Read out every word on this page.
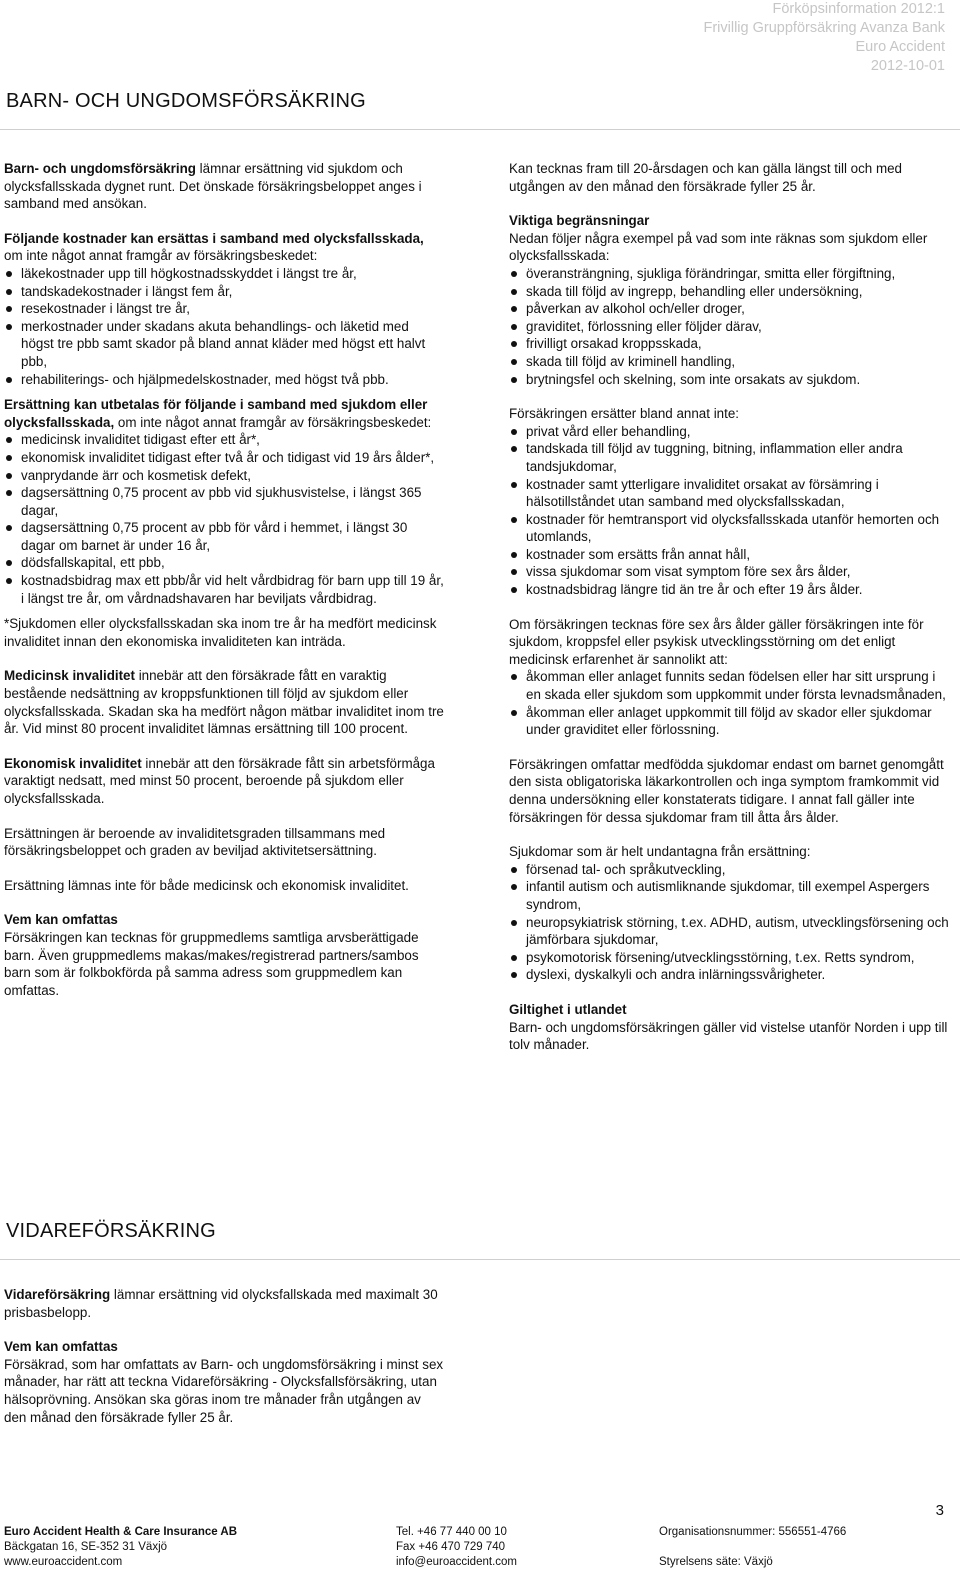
Förköpsinformation 2012:1
Frivillig Gruppförsäkring Avanza Bank
Euro Accident
2012-10-01
BARN- OCH UNGDOMSFÖRSÄKRING

Barn- och ungdomsförsäkring lämnar ersättning vid sjukdom och olycksfallsskada dygnet runt. Det önskade försäkringsbeloppet anges i samband med ansökan.

Följande kostnader kan ersättas i samband med olycksfallsskada, om inte något annat framgår av försäkringsbeskedet:

läkekostnader upp till högkostnadsskyddet i längst tre år,
tandskadekostnader i längst fem år,
resekostnader i längst tre år,
merkostnader under skadans akuta behandlings- och läketid med högst tre pbb samt skador på bland annat kläder med högst ett halvt pbb,
rehabiliterings- och hjälpmedelskostnader, med högst två pbb.

Ersättning kan utbetalas för följande i samband med sjukdom eller olycksfallsskada, om inte något annat framgår av försäkringsbeskedet:

medicinsk invaliditet tidigast efter ett år*,
ekonomisk invaliditet tidigast efter två år och tidigast vid 19 års ålder*,
vanprydande ärr och kosmetisk defekt,
dagsersättning 0,75 procent av pbb vid sjukhusvistelse, i längst 365 dagar,
dagsersättning 0,75 procent av pbb för vård i hemmet, i längst 30 dagar om barnet är under 16 år,
dödsfallskapital, ett pbb,
kostnadsbidrag max ett pbb/år vid helt vårdbidrag för barn upp till 19 år, i längst tre år, om vårdnadshavaren har beviljats vårdbidrag.

*Sjukdomen eller olycksfallsskadan ska inom tre år ha medfört medicinsk invaliditet innan den ekonomiska invaliditeten kan inträda.

Medicinsk invaliditet innebär att den försäkrade fått en varaktig bestående nedsättning av kroppsfunktionen till följd av sjukdom eller olycksfallsskada. Skadan ska ha medfört någon mätbar invaliditet inom tre år. Vid minst 80 procent invaliditet lämnas ersättning till 100 procent.

Ekonomisk invaliditet innebär att den försäkrade fått sin arbetsförmåga varaktigt nedsatt, med minst 50 procent, beroende på sjukdom eller olycksfallsskada.

Ersättningen är beroende av invaliditetsgraden tillsammans med försäkringsbeloppet och graden av beviljad aktivitetsersättning.

Ersättning lämnas inte för både medicinsk och ekonomisk invaliditet.

Vem kan omfattas

Försäkringen kan tecknas för gruppmedlems samtliga arvsberättigade barn. Även gruppmedlems makas/makes/registrerad partners/sambos barn som är folkbokförda på samma adress som gruppmedlem kan omfattas.

Kan tecknas fram till 20-årsdagen och kan gälla längst till och med utgången av den månad den försäkrade fyller 25 år.

Viktiga begränsningar

Nedan följer några exempel på vad som inte räknas som sjukdom eller olycksfallsskada:

överansträngning, sjukliga förändringar, smitta eller förgiftning,
skada till följd av ingrepp, behandling eller undersökning,
påverkan av alkohol och/eller droger,
graviditet, förlossning eller följder därav,
frivilligt orsakad kroppsskada,
skada till följd av kriminell handling,
brytningsfel och skelning, som inte orsakats av sjukdom.

Försäkringen ersätter bland annat inte:

privat vård eller behandling,
tandskada till följd av tuggning, bitning, inflammation eller andra tandsjukdomar,
kostnader samt ytterligare invaliditet orsakat av försämring i hälsotillståndet utan samband med olycksfallsskadan,
kostnader för hemtransport vid olycksfallsskada utanför hemorten och utomlands,
kostnader som ersätts från annat håll,
vissa sjukdomar som visat symptom före sex års ålder,
kostnadsbidrag längre tid än tre år och efter 19 års ålder.

Om försäkringen tecknas före sex års ålder gäller försäkringen inte för sjukdom, kroppsfel eller psykisk utvecklingsstörning om det enligt medicinsk erfarenhet är sannolikt att:

åkomman eller anlaget funnits sedan födelsen eller har sitt ursprung i en skada eller sjukdom som uppkommit under första levnadsmånaden,
åkomman eller anlaget uppkommit till följd av skador eller sjukdomar under graviditet eller förlossning.

Försäkringen omfattar medfödda sjukdomar endast om barnet genomgått den sista obligatoriska läkarkontrollen och inga symptom framkommit vid denna undersökning eller konstaterats tidigare. I annat fall gäller inte försäkringen för dessa sjukdomar fram till åtta års ålder.

Sjukdomar som är helt undantagna från ersättning:

försenad tal- och språkutveckling,
infantil autism och autismliknande sjukdomar, till exempel Aspergers syndrom,
neuropsykiatrisk störning, t.ex. ADHD, autism, utvecklingsförsening och jämförbara sjukdomar,
psykomotorisk försening/utvecklingsstörning, t.ex. Retts syndrom,
dyslexi, dyskalkyli och andra inlärningssvårigheter.

Giltighet i utlandet

Barn- och ungdomsförsäkringen gäller vid vistelse utanför Norden i upp till tolv månader.

VIDAREFÖRSÄKRING

Vidareförsäkring lämnar ersättning vid olycksfallskada med maximalt 30 prisbasbelopp.

Vem kan omfattas

Försäkrad, som har omfattats av Barn- och ungdomsförsäkring i minst sex månader, har rätt att teckna Vidareförsäkring - Olycksfallsförsäkring, utan hälsoprövning. Ansökan ska göras inom tre månader från utgången av den månad den försäkrade fyller 25 år.

3
Euro Accident Health & Care Insurance AB
Bäckgatan 16, SE-352 31 Växjö
www.euroaccident.com
Tel. +46 77 440 00 10
Fax +46 470 729 740
info@euroaccident.com
Organisationsnummer: 556551-4766

Styrelsens säte: Växjö
